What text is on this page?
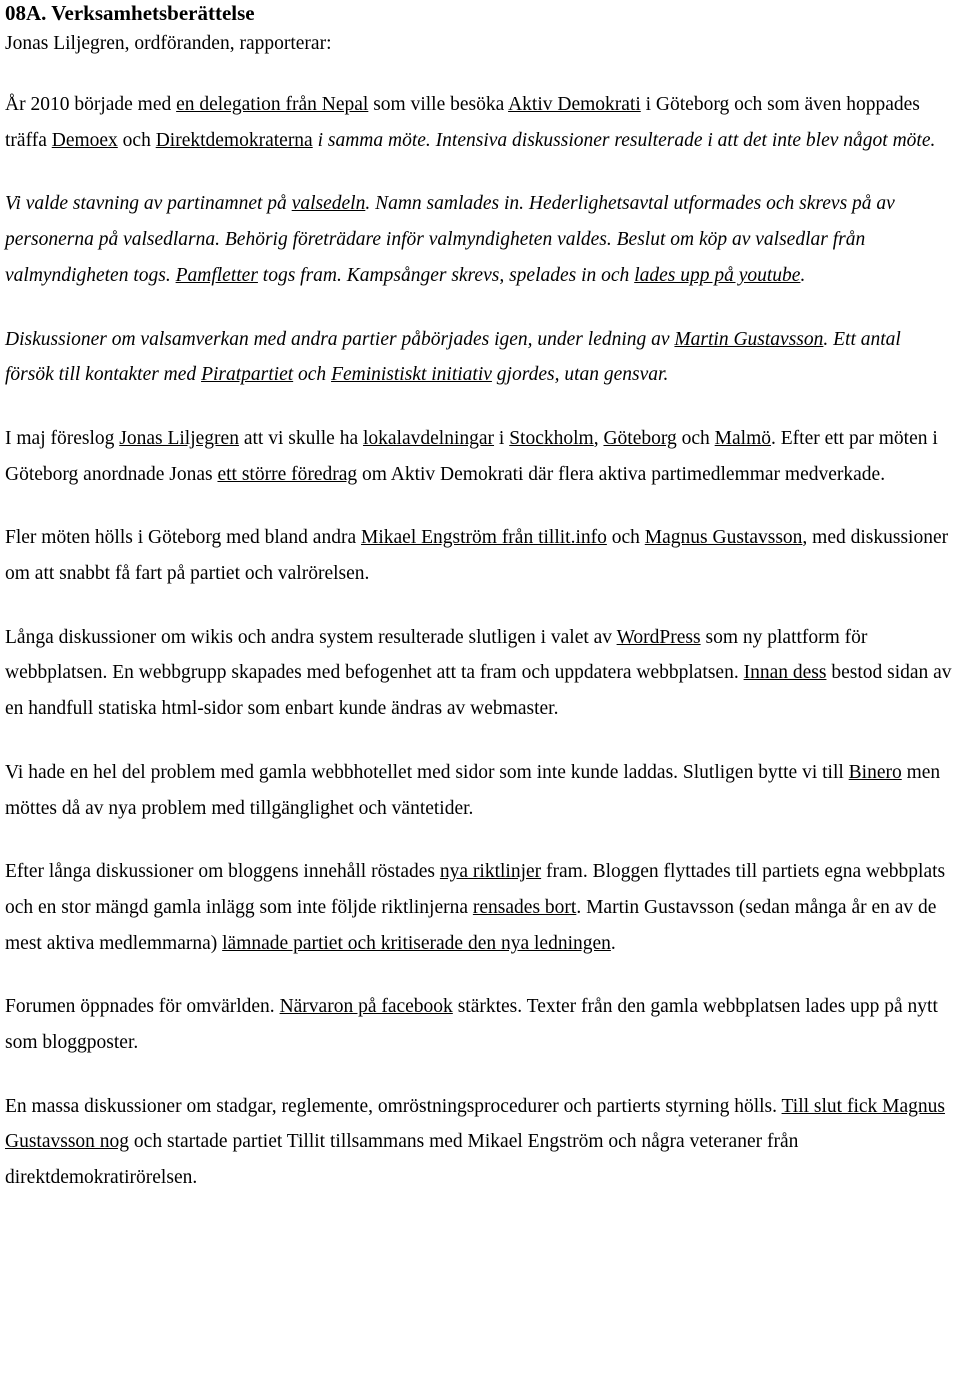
08A. Verksamhetsberättelse
Jonas Liljegren, ordföranden, rapporterar:

År 2010 började med en delegation från Nepal som ville besöka Aktiv Demokrati i Göteborg och som även hoppades träffa Demoex och Direktdemokraterna i samma möte. Intensiva diskussioner resulterade i att det inte blev något möte.

Vi valde stavning av partinamnet på valsedeln. Namn samlades in. Hederlighetsavtal utformades och skrevs på av personerna på valsedlarna. Behörig företrädare inför valmyndigheten valdes. Beslut om köp av valsedlar från valmyndigheten togs. Pamfletter togs fram. Kampsånger skrevs, spelades in och lades upp på youtube.

Diskussioner om valsamverkan med andra partier påbörjades igen, under ledning av Martin Gustavsson. Ett antal försök till kontakter med Piratpartiet och Feministiskt initiativ gjordes, utan gensvar.

I maj föreslog Jonas Liljegren att vi skulle ha lokalavdelningar i Stockholm, Göteborg och Malmö. Efter ett par möten i Göteborg anordnade Jonas ett större föredrag om Aktiv Demokrati där flera aktiva partimedlemmar medverkade.

Fler möten hölls i Göteborg med bland andra Mikael Engström från tillit.info och Magnus Gustavsson, med diskussioner om att snabbt få fart på partiet och valrörelsen.

Långa diskussioner om wikis och andra system resulterade slutligen i valet av WordPress som ny plattform för webbplatsen. En webbgrupp skapades med befogenhet att ta fram och uppdatera webbplatsen. Innan dess bestod sidan av en handfull statiska html-sidor som enbart kunde ändras av webmaster.

Vi hade en hel del problem med gamla webbhotellet med sidor som inte kunde laddas. Slutligen bytte vi till Binero men möttes då av nya problem med tillgänglighet och väntetider.

Efter långa diskussioner om bloggens innehåll röstades nya riktlinjer fram. Bloggen flyttades till partiets egna webbplats och en stor mängd gamla inlägg som inte följde riktlinjerna rensades bort. Martin Gustavsson (sedan många år en av de mest aktiva medlemmarna) lämnade partiet och kritiserade den nya ledningen.

Forumen öppnades för omvärlden. Närvaron på facebook stärktes. Texter från den gamla webbplatsen lades upp på nytt som bloggposter.

En massa diskussioner om stadgar, reglemente, omröstningsprocedurer och partierts styrning hölls. Till slut fick Magnus Gustavsson nog och startade partiet Tillit tillsammans med Mikael Engström och några veteraner från direktdemokratirörelsen.
